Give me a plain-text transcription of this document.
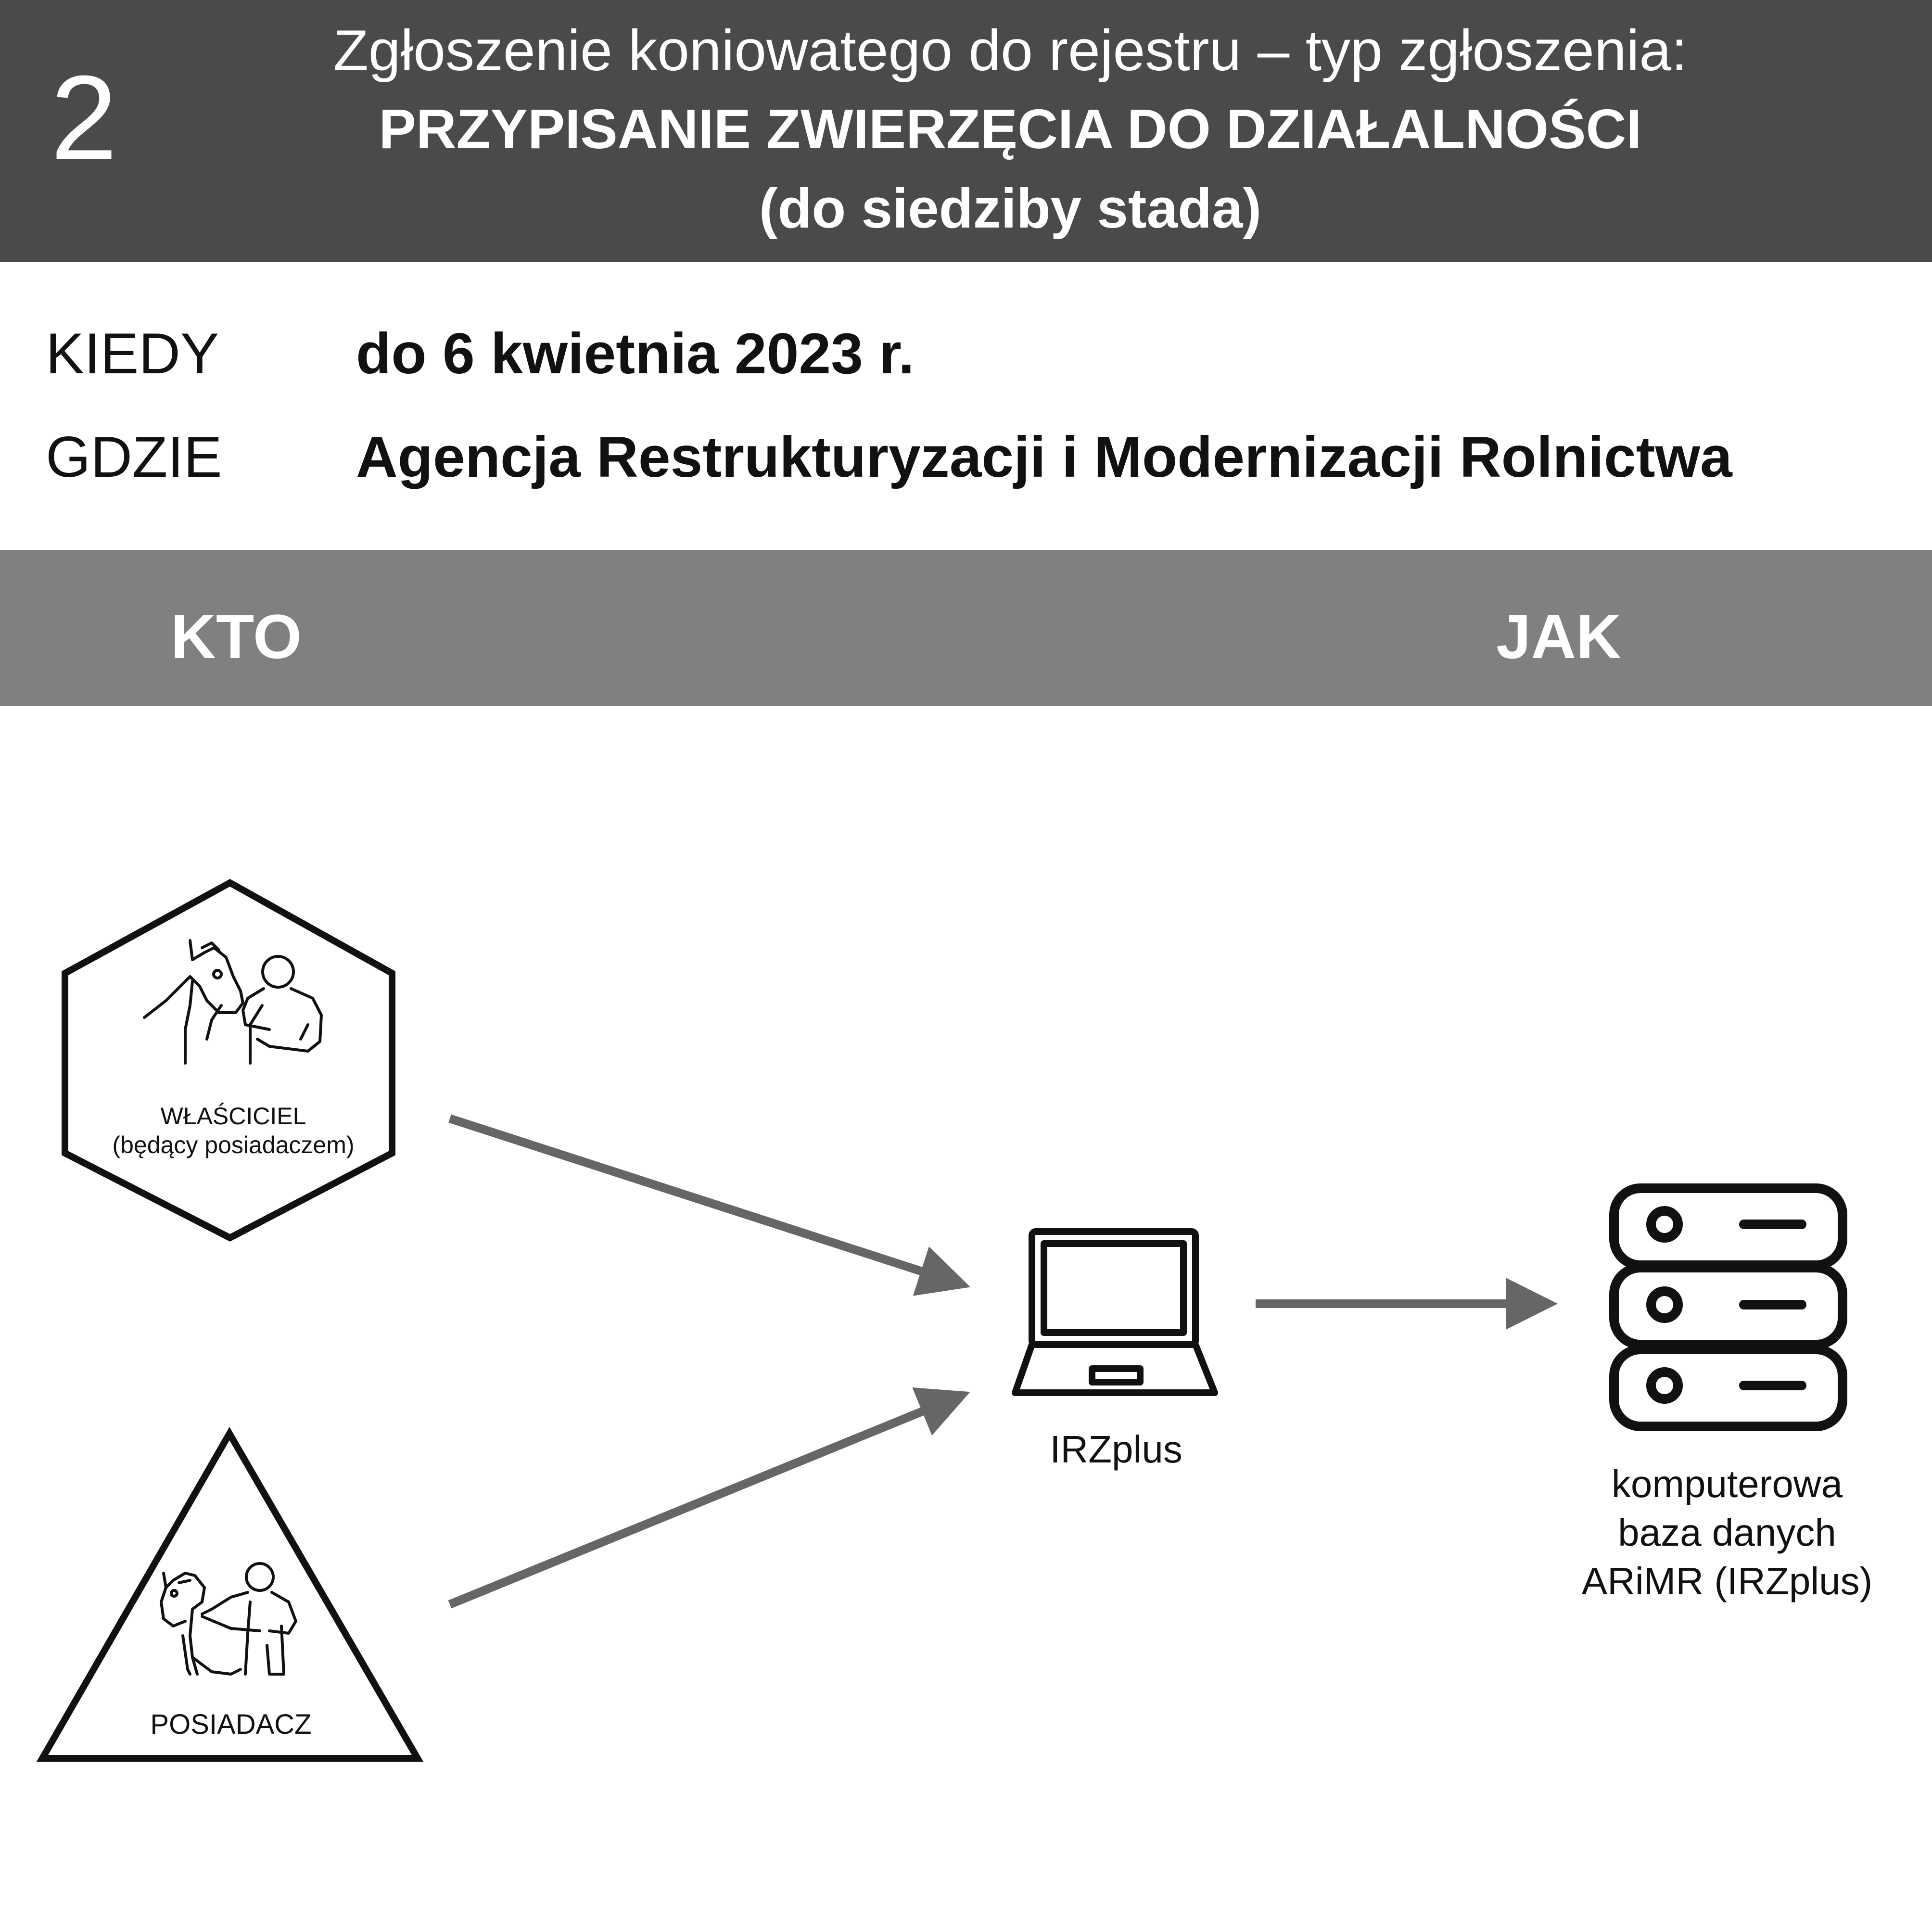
2	Zgłoszenie koniowatego do rejestru – typ zgłoszenia:
PRZYPISANIE ZWIERZĘCIA DO DZIAŁALNOŚCI
(do siedziby stada)
KIEDY do 6 kwietnia 2023 r.
GDZIE Agencja Restrukturyzacji i Modernizacji Rolnictwa
KTO	JAK
WŁAŚCICIEL
(będący posiadaczem)
POSIADACZ
IRZplus
komputerowa
baza danych
ARiMR (IRZplus)
